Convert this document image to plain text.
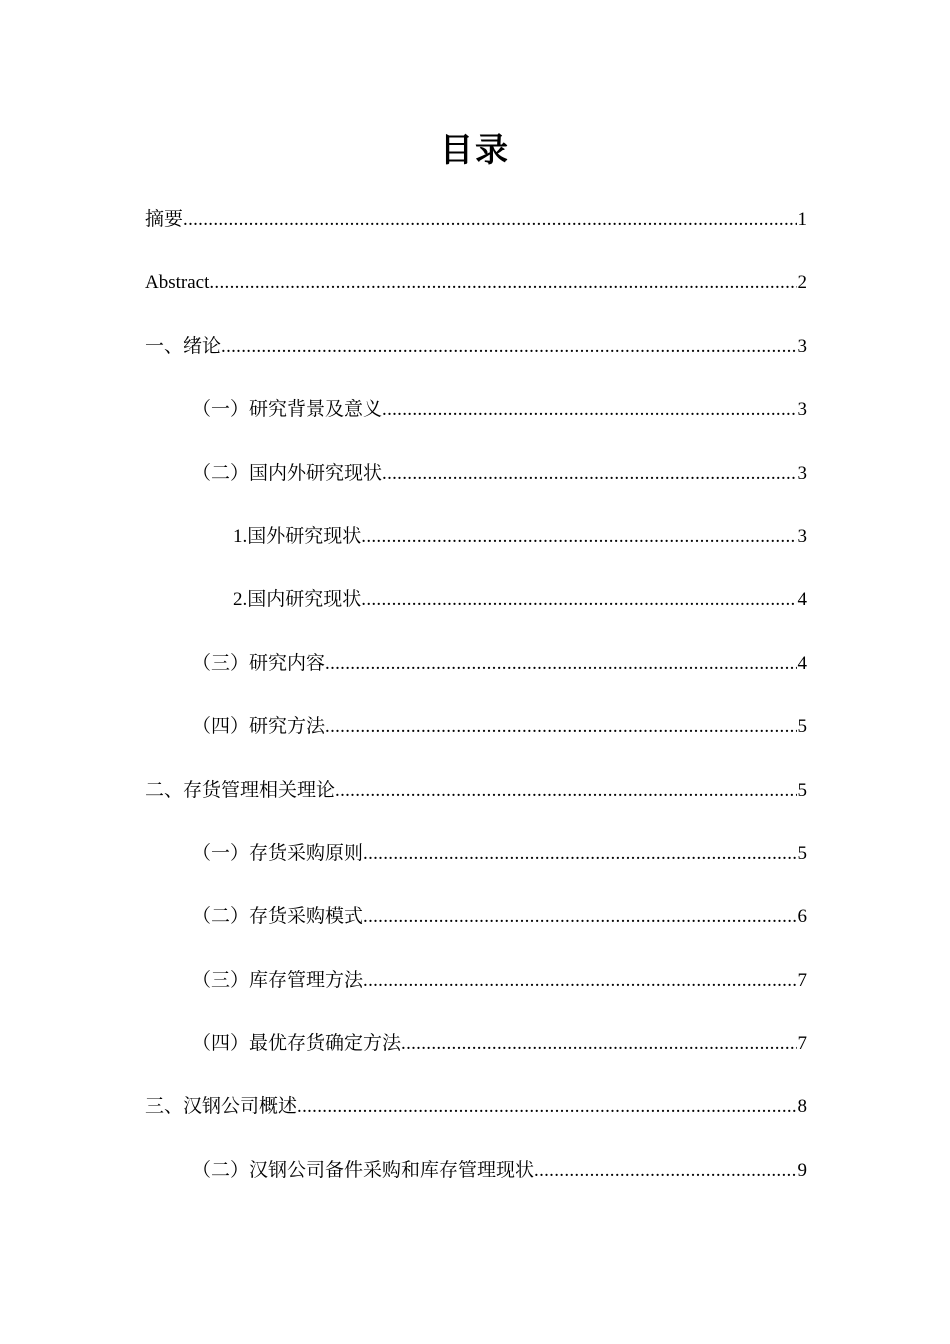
目录
摘要 .....	1
Abstract .....	2
一、绪论 .....	3
（一）研究背景及意义 .....	3
（二）国内外研究现状 .....	3
1.国外研究现状 .....	3
2.国内研究现状 .....	4
（三）研究内容 .....	4
（四）研究方法 .....	5
二、存货管理相关理论 .....	5
（一）存货采购原则 .....	5
（二）存货采购模式 .....	6
（三）库存管理方法 .....	7
（四）最优存货确定方法 .....	7
三、汉钢公司概述 .....	8
（二）汉钢公司备件采购和库存管理现状 .....	9
